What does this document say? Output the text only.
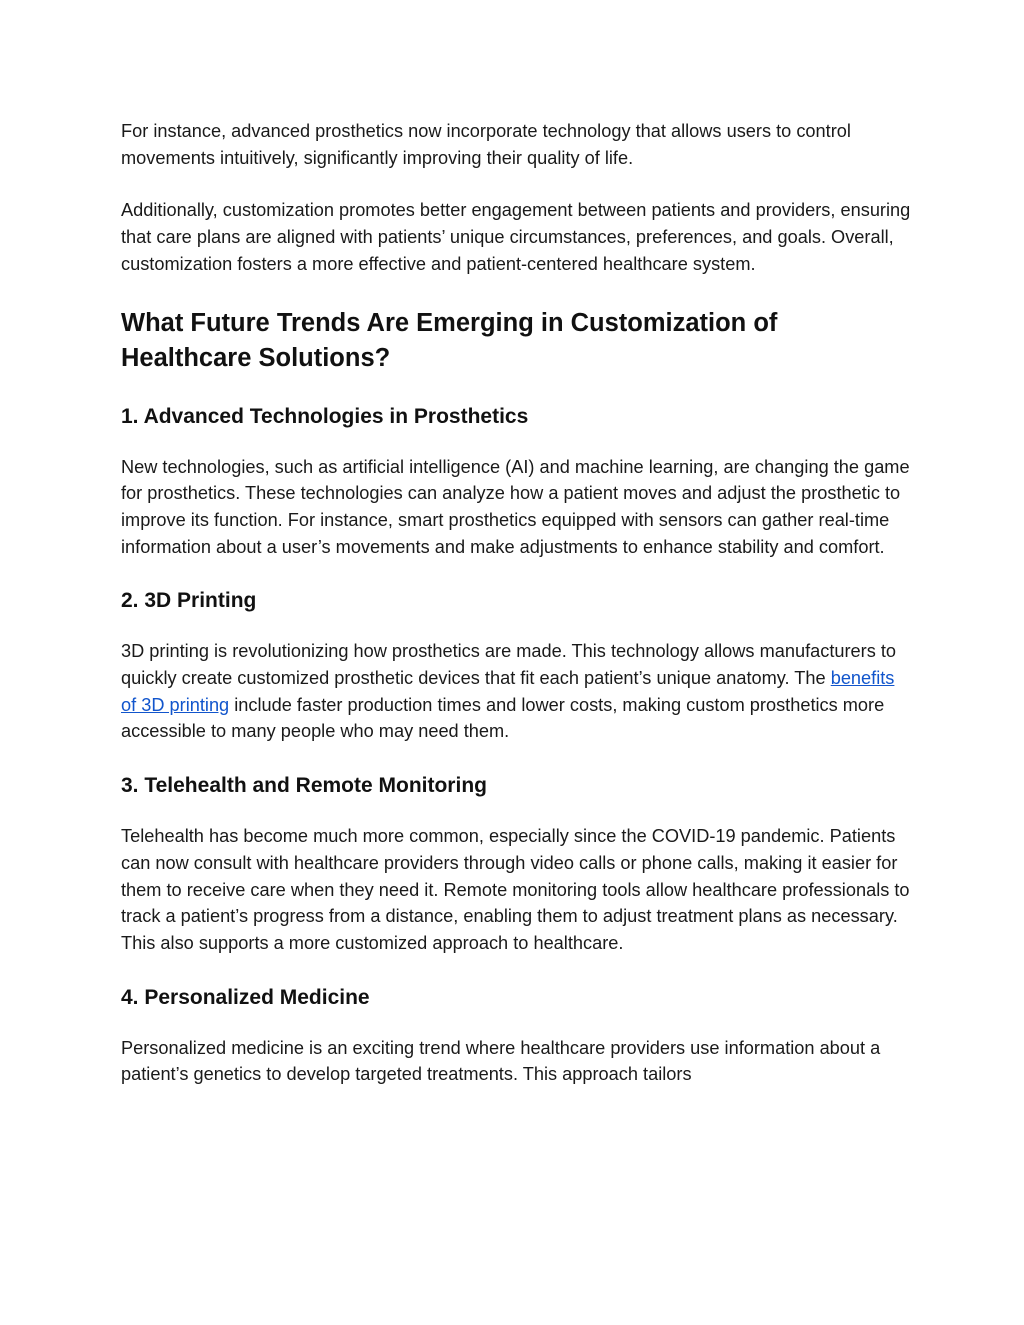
For instance, advanced prosthetics now incorporate technology that allows users to control movements intuitively, significantly improving their quality of life.

Additionally, customization promotes better engagement between patients and providers, ensuring that care plans are aligned with patients’ unique circumstances, preferences, and goals. Overall, customization fosters a more effective and patient-centered healthcare system.

What Future Trends Are Emerging in Customization of Healthcare Solutions?
1. Advanced Technologies in Prosthetics

New technologies, such as artificial intelligence (AI) and machine learning, are changing the game for prosthetics. These technologies can analyze how a patient moves and adjust the prosthetic to improve its function. For instance, smart prosthetics equipped with sensors can gather real-time information about a user’s movements and make adjustments to enhance stability and comfort.

2. 3D Printing

3D printing is revolutionizing how prosthetics are made. This technology allows manufacturers to quickly create customized prosthetic devices that fit each patient’s unique anatomy. The benefits of 3D printing include faster production times and lower costs, making custom prosthetics more accessible to many people who may need them.

3. Telehealth and Remote Monitoring

Telehealth has become much more common, especially since the COVID-19 pandemic. Patients can now consult with healthcare providers through video calls or phone calls, making it easier for them to receive care when they need it. Remote monitoring tools allow healthcare professionals to track a patient’s progress from a distance, enabling them to adjust treatment plans as necessary. This also supports a more customized approach to healthcare.

4. Personalized Medicine

Personalized medicine is an exciting trend where healthcare providers use information about a patient’s genetics to develop targeted treatments. This approach tailors
